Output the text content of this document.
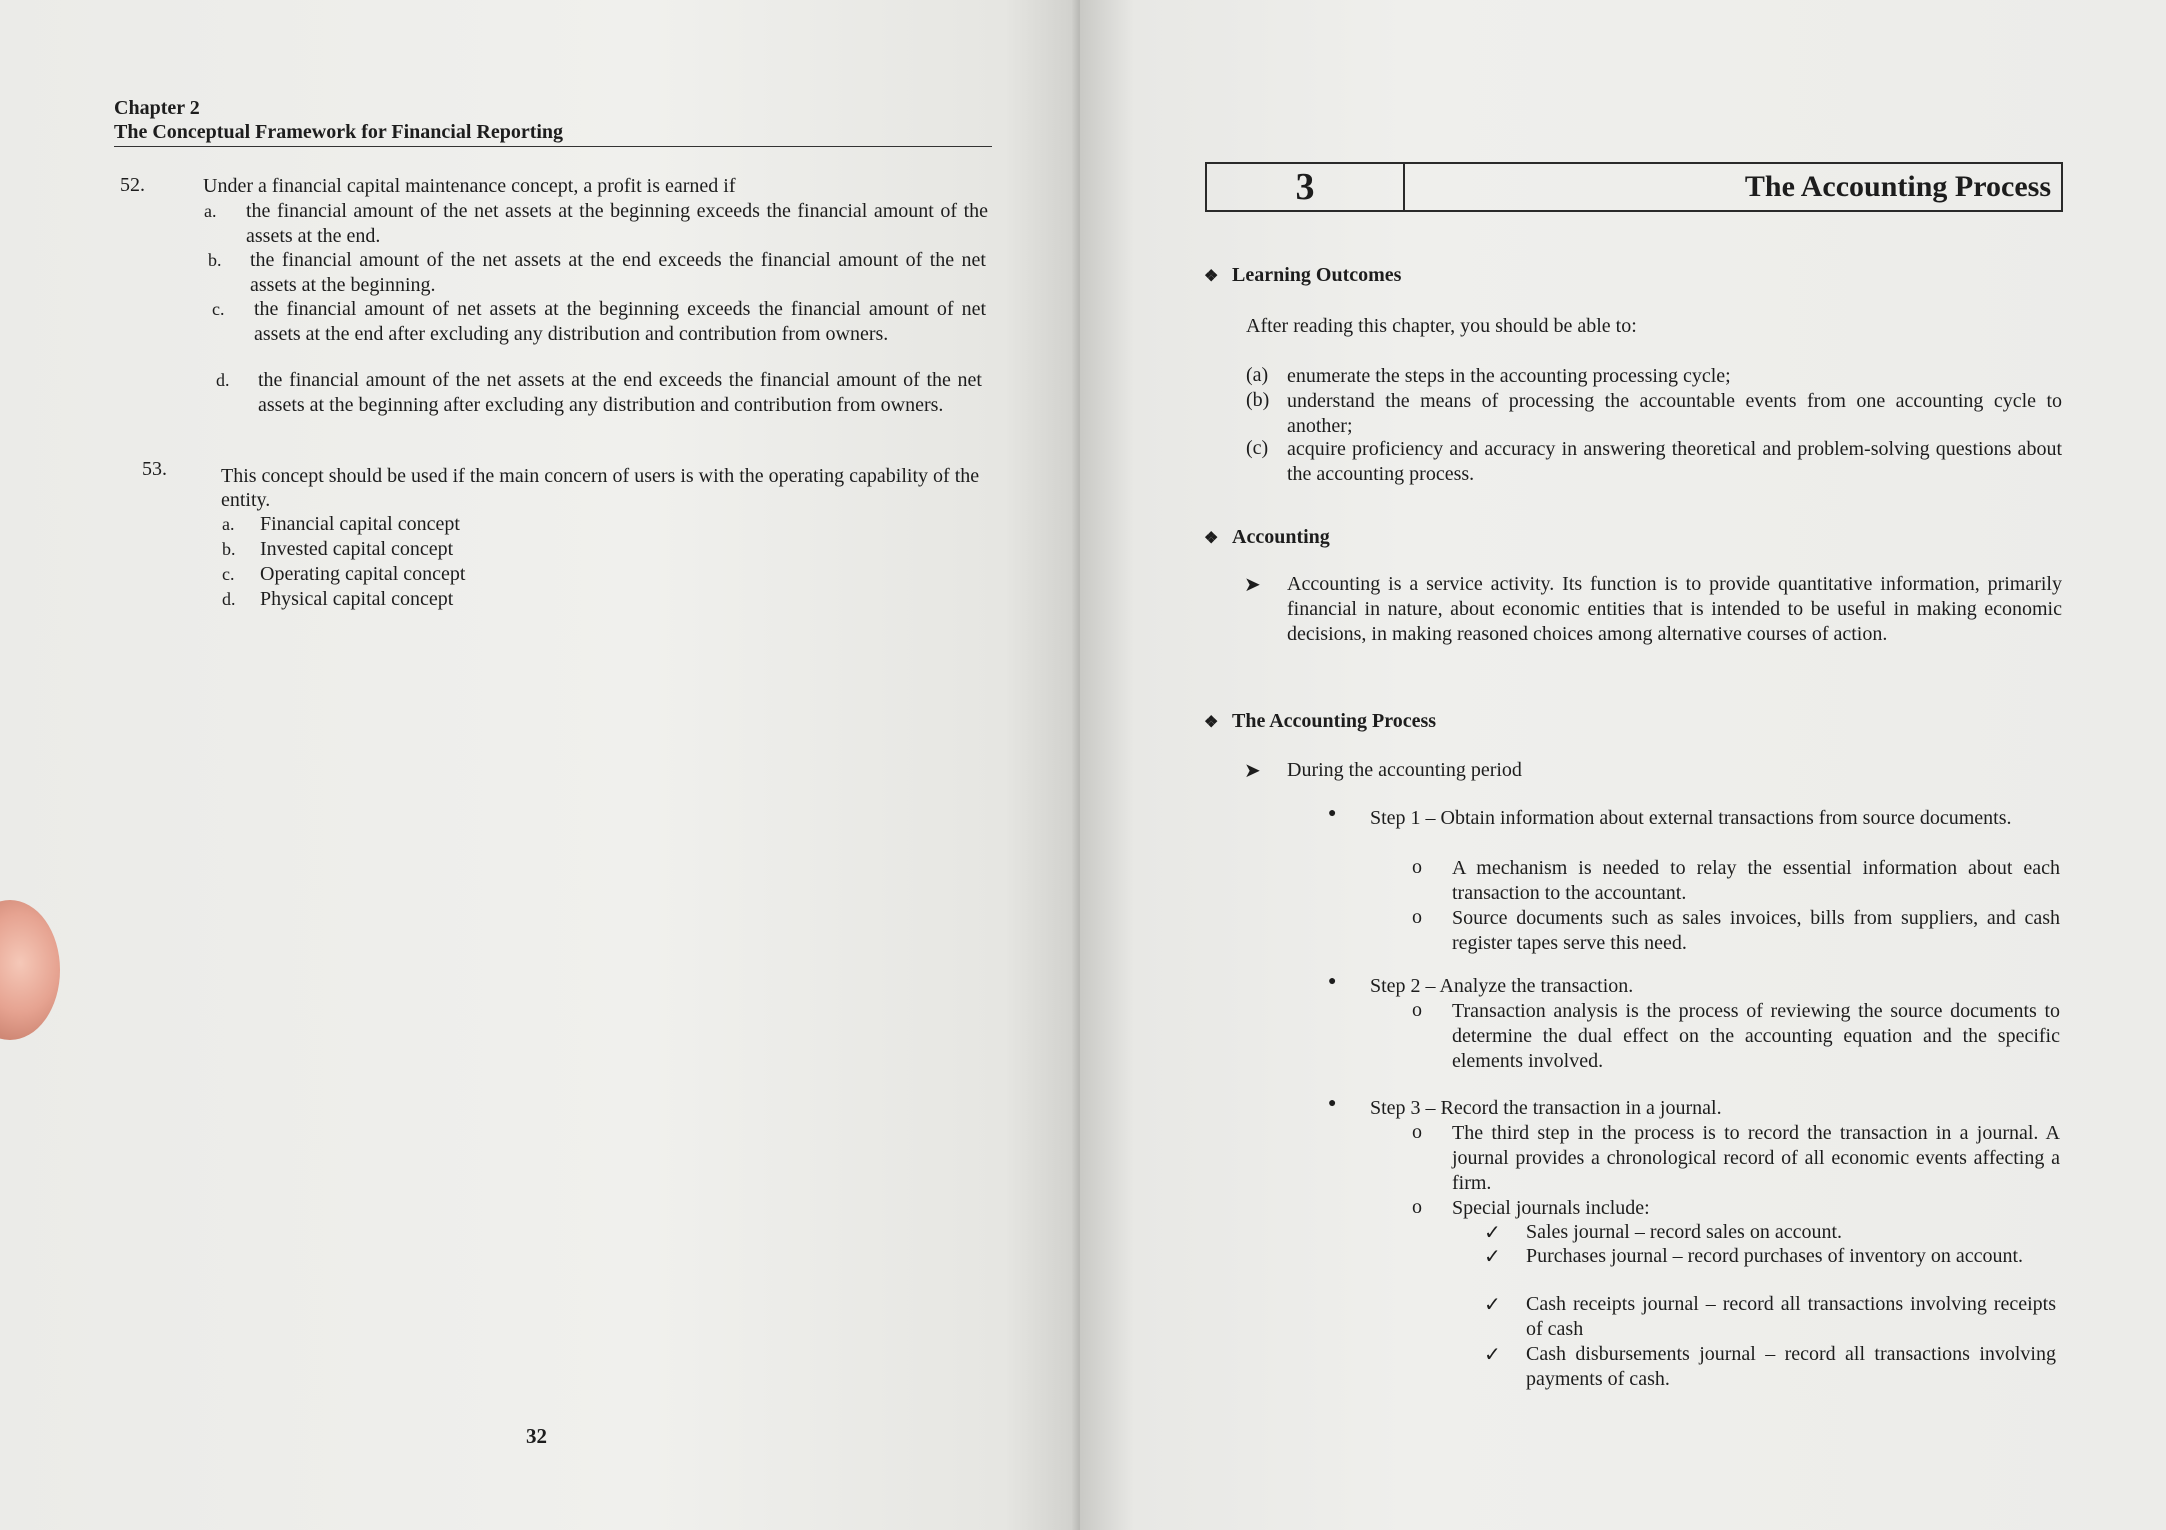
Chapter 2
The Conceptual Framework for Financial Reporting
52.	Under a financial capital maintenance concept, a profit is earned if
a. the financial amount of the net assets at the beginning exceeds the financial amount of the assets at the end.
b. the financial amount of the net assets at the end exceeds the financial amount of the net assets at the beginning.
c. the financial amount of net assets at the beginning exceeds the financial amount of net assets at the end after excluding any distribution and contribution from owners.
d. the financial amount of the net assets at the end exceeds the financial amount of the net assets at the beginning after excluding any distribution and contribution from owners.
53.	This concept should be used if the main concern of users is with the operating capability of the entity.
a. Financial capital concept
b. Invested capital concept
c. Operating capital concept
d. Physical capital concept
32
3	The Accounting Process
❖ Learning Outcomes
After reading this chapter, you should be able to:
(a) enumerate the steps in the accounting processing cycle;
(b) understand the means of processing the accountable events from one accounting cycle to another;
(c) acquire proficiency and accuracy in answering theoretical and problem-solving questions about the accounting process.
❖ Accounting
➤ Accounting is a service activity. Its function is to provide quantitative information, primarily financial in nature, about economic entities that is intended to be useful in making economic decisions, in making reasoned choices among alternative courses of action.
❖ The Accounting Process
➤ During the accounting period
● Step 1 – Obtain information about external transactions from source documents.
o A mechanism is needed to relay the essential information about each transaction to the accountant.
o Source documents such as sales invoices, bills from suppliers, and cash register tapes serve this need.
● Step 2 – Analyze the transaction.
o Transaction analysis is the process of reviewing the source documents to determine the dual effect on the accounting equation and the specific elements involved.
● Step 3 – Record the transaction in a journal.
o The third step in the process is to record the transaction in a journal. A journal provides a chronological record of all economic events affecting a firm.
o Special journals include:
✓ Sales journal – record sales on account.
✓ Purchases journal – record purchases of inventory on account.
✓ Cash receipts journal – record all transactions involving receipts of cash
✓ Cash disbursements journal – record all transactions involving payments of cash.
